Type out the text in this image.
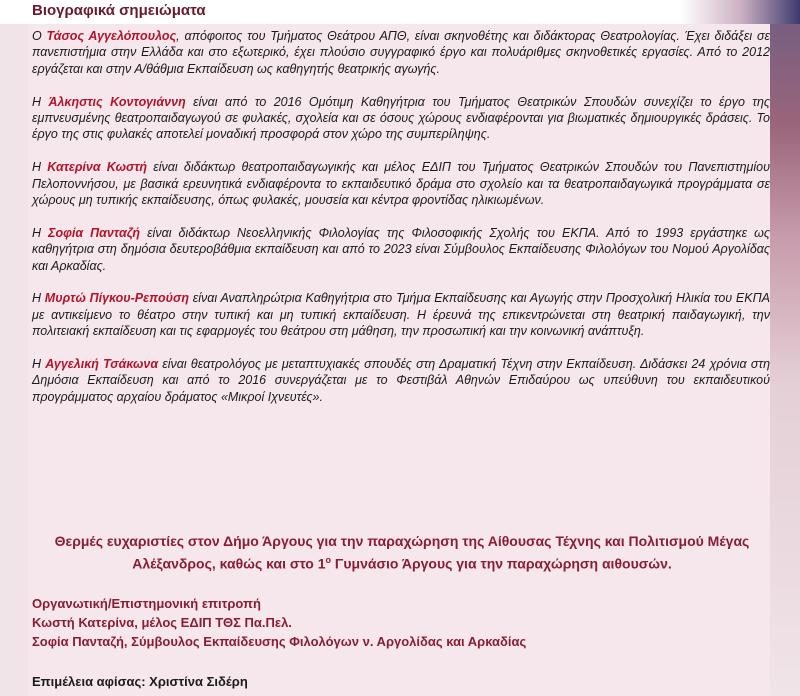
Βιογραφικά σημειώματα

Ο Τάσος Αγγελόπουλος, απόφοιτος του Τμήματος Θεάτρου ΑΠΘ, είναι σκηνοθέτης και διδάκτορας Θεατρολογίας. Έχει διδάξει σε πανεπιστήμια στην Ελλάδα και στο εξωτερικό, έχει πλούσιο συγγραφικό έργο και πολυάριθμες σκηνοθετικές εργασίες. Από το 2012 εργάζεται και στην Α/θάθμια Εκπαίδευση ως καθηγητής θεατρικής αγωγής.

Η Άλκηστις Κοντογιάννη είναι από το 2016 Ομότιμη Καθηγήτρια του Τμήματος Θεατρικών Σπουδών συνεχίζει το έργο της εμπνευσμένης θεατροπαιδαγωγού σε φυλακές, σχολεία και σε όσους χώρους ενδιαφέρονται για βιωματικές δημιουργικές δράσεις. Το έργο της στις φυλακές αποτελεί μοναδική προσφορά στον χώρο της συμπερίληψης.

Η Κατερίνα Κωστή είναι διδάκτωρ θεατροπαιδαγωγικής και μέλος ΕΔΙΠ του Τμήματος Θεατρικών Σπουδών του Πανεπιστημίου Πελοποννήσου, με βασικά ερευνητικά ενδιαφέροντα το εκπαιδευτικό δράμα στο σχολείο και τα θεατροπαιδαγωγικά προγράμματα σε χώρους μη τυπικής εκπαίδευσης, όπως φυλακές, μουσεία και κέντρα φροντίδας ηλικιωμένων.

Η Σοφία Πανταζή είναι διδάκτωρ Νεοελληνικής Φιλολογίας της Φιλοσοφικής Σχολής του ΕΚΠΑ. Από το 1993 εργάστηκε ως καθηγήτρια στη δημόσια δευτεροβάθμια εκπαίδευση και από το 2023 είναι Σύμβουλος Εκπαίδευσης Φιλολόγων του Νομού Αργολίδας και Αρκαδίας.

Η Μυρτώ Πίγκου-Ρεπούση είναι Αναπληρώτρια Καθηγήτρια στο Τμήμα Εκπαίδευσης και Αγωγής στην Προσχολική Ηλικία του ΕΚΠΑ με αντικείμενο το θέατρο στην τυπική και μη τυπική εκπαίδευση. Η έρευνά της επικεντρώνεται στη θεατρική παιδαγωγική, την πολιτειακή εκπαίδευση και τις εφαρμογές του θεάτρου στη μάθηση, την προσωπική και την κοινωνική ανάπτυξη.

Η Αγγελική Τσάκωνα είναι θεατρολόγος με μεταπτυχιακές σπουδές στη Δραματική Τέχνη στην Εκπαίδευση. Διδάσκει 24 χρόνια στη Δημόσια Εκπαίδευση και από το 2016 συνεργάζεται με το Φεστιβάλ Αθηνών Επιδαύρου ως υπεύθυνη του εκπαιδευτικού προγράμματος αρχαίου δράματος «Μικροί Ιχνευτές».

Θερμές ευχαριστίες στον Δήμο Άργους για την παραχώρηση της Αίθουσας Τέχνης και Πολιτισμού Μέγας
Αλέξανδρος, καθώς και στο $1^o$ Γυμνάσιο Άργους για την παραχώρηση αιθουσών.
Οργανωτική/Επιστημονική επιτροπή
Κωστή Κατερίνα, μέλος ΕΔΙΠ ΤΘΣ Πα.Πελ.
Σοφία Πανταζή, Σύμβουλος Εκπαίδευσης Φιλολόγων ν. Αργολίδας και Αρκαδίας
Επιμέλεια αφίσας: Χριστίνα Σιδέρη
